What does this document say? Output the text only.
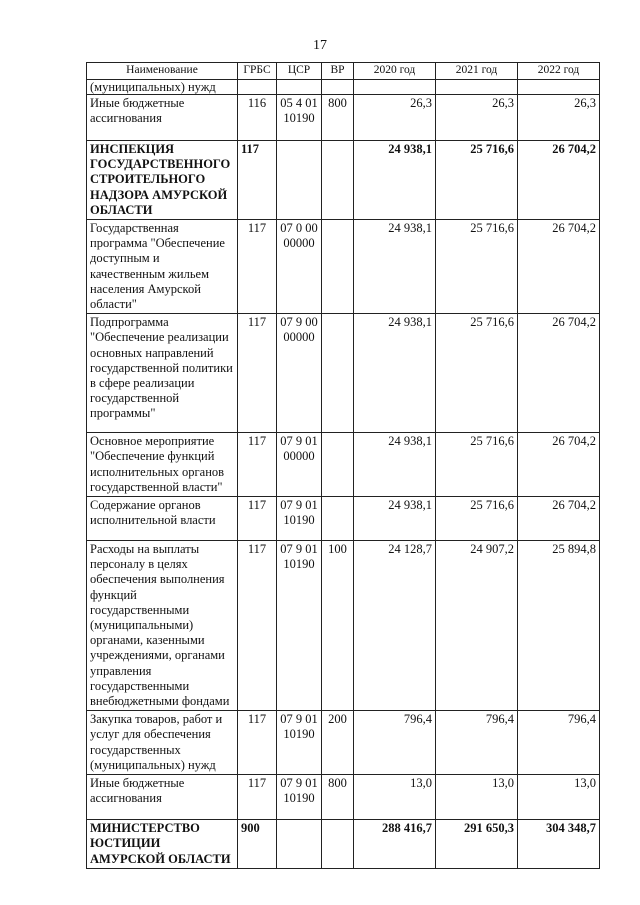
17
Наименование	ГРБС	ЦСР	ВР	2020 год	2021 год	2022 год
(муниципальных) нужд						
Иные бюджетные ассигнования	116	05 4 01 10190	800	26,3	26,3	26,3
ИНСПЕКЦИЯ ГОСУДАРСТВЕННОГО СТРОИТЕЛЬНОГО НАДЗОРА АМУРСКОЙ ОБЛАСТИ	117			24 938,1	25 716,6	26 704,2
Государственная программа "Обеспечение доступным и качественным жильем населения Амурской области"	117	07 0 00 00000		24 938,1	25 716,6	26 704,2
Подпрограмма "Обеспечение реализации основных направлений государственной политики в сфере реализации государственной программы"	117	07 9 00 00000		24 938,1	25 716,6	26 704,2
Основное мероприятие "Обеспечение функций исполнительных органов государственной власти"	117	07 9 01 00000		24 938,1	25 716,6	26 704,2
Содержание органов исполнительной власти	117	07 9 01 10190		24 938,1	25 716,6	26 704,2
Расходы на выплаты персоналу в целях обеспечения выполнения функций государственными (муниципальными) органами, казенными учреждениями, органами управления государственными внебюджетными фондами	117	07 9 01 10190	100	24 128,7	24 907,2	25 894,8
Закупка товаров, работ и услуг для обеспечения государственных (муниципальных) нужд	117	07 9 01 10190	200	796,4	796,4	796,4
Иные бюджетные ассигнования	117	07 9 01 10190	800	13,0	13,0	13,0
МИНИСТЕРСТВО ЮСТИЦИИ АМУРСКОЙ ОБЛАСТИ	900			288 416,7	291 650,3	304 348,7
